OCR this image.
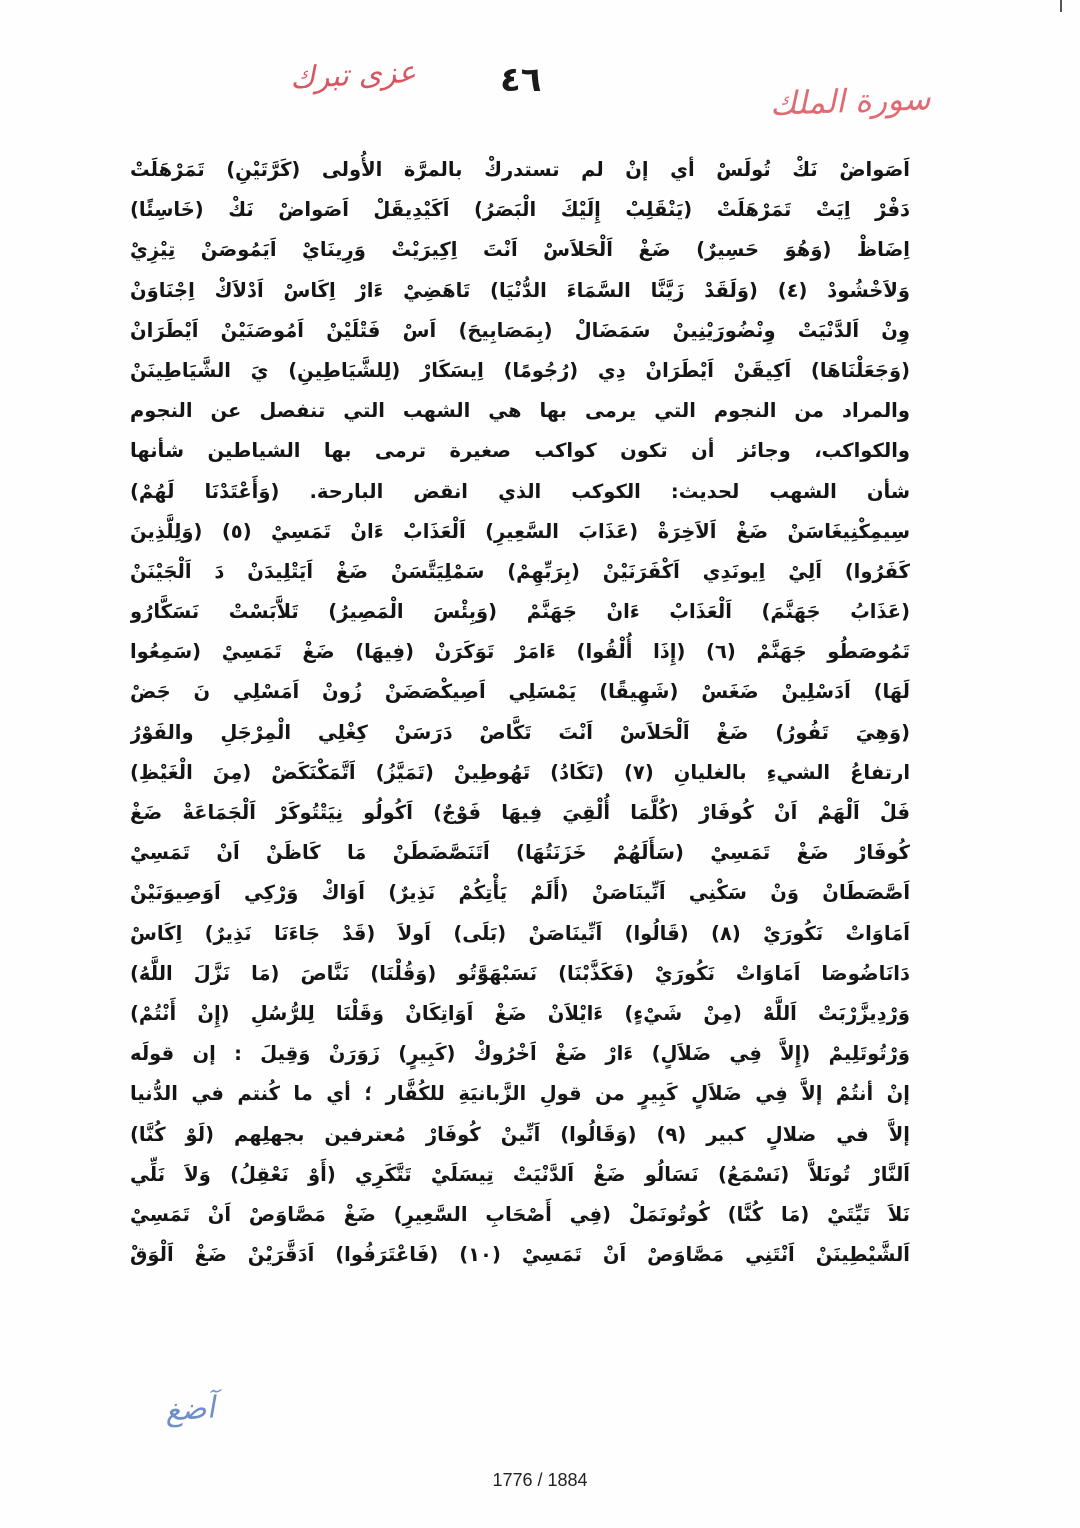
عزى تبرك ٤٦	سورة الملك
اَصَواضْ نَكْ تُولَسْ أي إنْ لم تستدركْ بالمرَّة الأُولى (كَرَّتَيْنِ) تَمَرْهَلَتْ
دَفْرْ اِيَتْ تَمَرْهَلَتْ (يَنْقَلِبْ إِلَيْكَ الْبَصَرُ) اَكَيْدِيقَلْ اَصَواضْ نَكْ (خَاسِئًا)
اِضَاظْ (وَهُوَ حَسِيرٌ) ضَغْ اَلْحَلاَسْ اَنْتَ اِكِيرَيْتْ وَرِينَايْ اَيَمُوصَنْ تِيْزِيْ
وَلاَخْشُودْ (٤) (وَلَقَدْ زَيَّنَّا السَّمَاءَ الدُّنْيَا) تَاهَضِيْ ءَارْ اِكَاسْ اَدْلاَكْ اِجْنَاوَنْ
وِنْ اَلدَّنْيَتْ وِنْضُورَيْنِينْ سَمَضَالْ (بِمَصَابِيحَ) اَسْ فَتْلَيْنْ اَمُوصَنَيْنْ اَيْطَرَانْ
(وَجَعَلْنَاهَا) اَكِيقَنْ اَيْطَرَانْ دِي (رُجُومًا) اِيسَكَارْ (لِلشَّيَاطِينِ) يَ الشَّيَاطِينَنْ
والمراد من النجوم التي يرمى بها هي الشهب التي تنفصل عن النجوم
والكواكب، وجائز أن تكون كواكب صغيرة ترمى بها الشياطين شأنها
شأن الشهب لحديث: الكوكب الذي انقض البارحة. (وَأَعْتَدْنَا لَهُمْ)
سِيمِكْنِيغَاسَنْ ضَغْ اَلاَخِرَةْ (عَذَابَ السَّعِيرِ) اَلْعَذَابْ ءَانْ تَمَسِيْ (٥) (وَلِلَّذِينَ
كَفَرُوا) اَلِيْ اِيونَدِي اَكْفَرَنَيْنْ (بِرَبِّهِمْ) سَمْلِيَتَّسَنْ ضَغْ اَيَتْلِيدَنْ دَ اَلْجَيْنَنْ
(عَذَابُ جَهَنَّمَ) اَلْعَذَابْ ءَانْ جَهَنَّمْ (وَبِئْسَ الْمَصِيرُ) تَلاَّبَسْتْ نَسَكَّارُو
تَمُوصَطُو جَهَنَّمْ (٦) (إِذَا أُلْقُوا) ءَامَرْ تَوَكَرَنْ (فِيهَا) ضَغْ تَمَسِيْ (سَمِعُوا
لَهَا) اَدَسْلِينْ ضَغَسْ (شَهِيقًا) يَمْسَلِي اَصِيكْصَضَنْ زُونْ اَمَسْلِي نَ جَضْ
(وَهِيَ تَفُورُ) ضَغْ اَلْحَلاَسْ اَنْتَ تَكَّاصْ دَرَسَنْ كِغْلِي الْمِرْجَلِ والفَوْرُ
ارتفاعُ الشيءِ بالغليانِ (٧) (تَكَادُ) تَهُوطِينْ (تَمَيَّزُ) اَتَّمَكْنَكَضْ (مِنَ الْغَيْظِ)
فَلْ اَلْهَمْ اَنْ كُوفَارْ (كُلَّمَا أُلْقِيَ فِيهَا فَوْجٌ) اَكُولُو نِيَتْتُوكَرْ اَلْجَمَاعَةْ ضَغْ
كُوفَارْ ضَغْ تَمَسِيْ (سَأَلَهُمْ خَزَنَتُهَا) اَتَنَصَّضَطَنْ مَا كَاظَنْ اَنْ تَمَسِيْ
اَصَّصَطَانْ وَنْ سَكْنِي اَنِّينَاصَنْ (أَلَمْ يَأْتِكُمْ نَذِيرٌ) اَوَاكْ وَرْكِي اَوَصِيوَنَيْنْ
اَمَاوَاتْ نَكُورَيْ (٨) (قَالُوا) اَنِّينَاصَنْ (بَلَى) اَولاَ (قَدْ جَاءَنَا نَذِيرٌ) اِكَاسْ
دَانَاضُوصَا اَمَاوَاتْ نَكُورَيْ (فَكَذَّبْنَا) نَسَبْهَوَّتُو (وَقُلْنَا) نَنَّاصَ (مَا نَزَّلَ اللَّهُ)
وَرْدِيزَّرْبَتْ اَللَّهْ (مِنْ شَيْءٍ) ءَايْلاَنْ ضَغْ اَوَاتِكَانْ وَقَلْنَا لِلرُّسُلِ (إِنْ أَنْتُمْ)
وَرْتُوتَلِيمْ (إِلاَّ فِي ضَلاَلٍ) ءَارْ ضَغْ اَخْرُوكْ (كَبِيرٍ) زَوَرَنْ وَقِيلَ : إن قولَه
إنْ أنتُمْ إلاَّ فِي ضَلاَلٍ كَبِيرٍ من قولِ الزَّبانيَةِ للكُفَّار ؛ أي ما كُنتم في الدُّنيا
إلاَّ في ضلالٍ كبير (٩) (وَقَالُوا) اَنِّينْ كُوفَارْ مُعترفين بجهلِهم (لَوْ كُنَّا)
اَلنَّارْ تُونَلاَّ (نَسْمَعُ) نَسَالُو ضَغْ اَلدَّنْيَتْ تِيسَلَيْ تَتَّكَرِي (أَوْ نَعْقِلُ) وَلاَ نَلِّي
نَلاَ تَيِّتَيْ (مَا كُنَّا) كُوتُونَمَلْ (فِي أَصْحَابِ السَّعِيرِ) ضَغْ مَصَّاوَصْ اَنْ تَمَسِيْ
اَلشَّيْطِينَنْ اَنْتَنِي مَصَّاوَصْ اَنْ تَمَسِيْ (١٠) (فَاعْتَرَفُوا) اَدَقَّرَيْنْ ضَغْ اَلْوَقْ
آضغ
1776 / 1884
